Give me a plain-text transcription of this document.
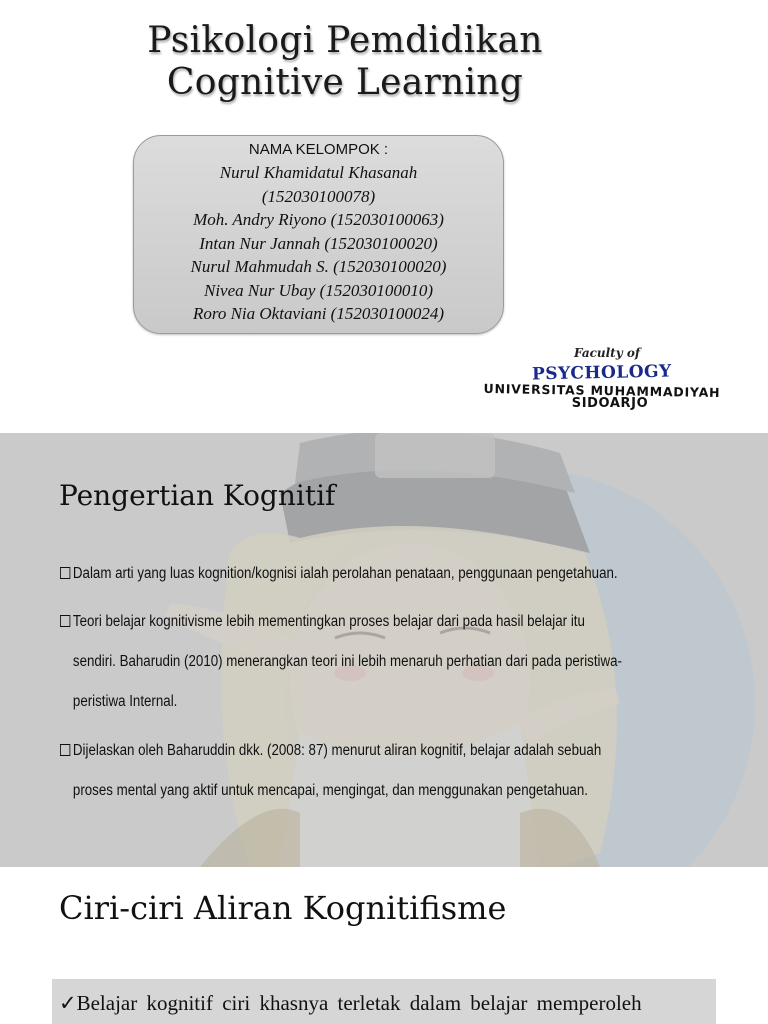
Psikologi Pemdidikan
Cognitive Learning
NAMA KELOMPOK :
Nurul Khamidatul Khasanah
(152030100078)
Moh. Andry Riyono (152030100063)
Intan Nur Jannah (152030100020)
Nurul Mahmudah S. (152030100020)
Nivea Nur Ubay (152030100010)
Roro Nia Oktaviani (152030100024)
Faculty of
PSYCHOLOGY
UNIVERSITAS MUHAMMADIYAH
SIDOARJO
Pengertian Kognitif
Dalam arti yang luas kognition/kognisi ialah perolahan penataan, penggunaan pengetahuan.
Teori belajar kognitivisme lebih mementingkan proses belajar dari pada hasil belajar itu
sendiri. Baharudin (2010) menerangkan teori ini lebih menaruh perhatian dari pada peristiwa-
peristiwa Internal.
Dijelaskan oleh Baharuddin dkk. (2008: 87) menurut aliran kognitif, belajar adalah sebuah
proses mental yang aktif untuk mencapai, mengingat, dan menggunakan pengetahuan.
Ciri-ciri Aliran Kognitifisme
✓Belajar kognitif ciri khasnya terletak dalam belajar memperoleh
